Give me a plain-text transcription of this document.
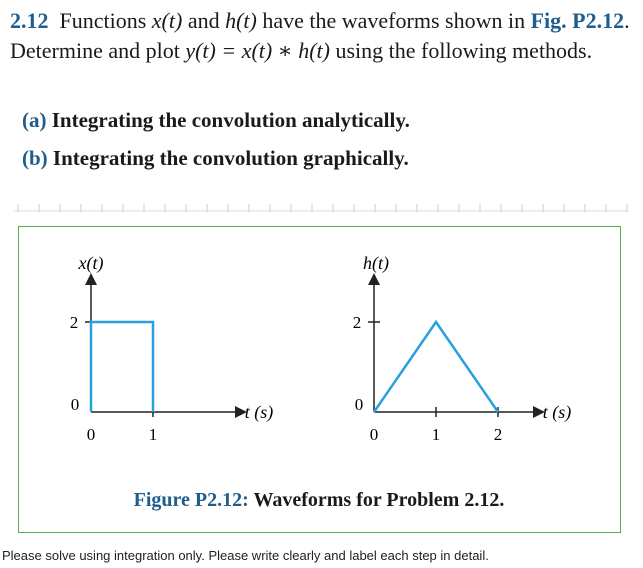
2.12 Functions x(t) and h(t) have the waveforms shown in Fig. P2.12. Determine and plot y(t) = x(t) ∗ h(t) using the following methods.
(a) Integrating the convolution analytically.
(b) Integrating the convolution graphically.
x(t)
t (s)
2
0
0	1
h(t)
t (s)
2
0
0	1	2
Figure P2.12: Waveforms for Problem 2.12.
Please solve using integration only. Please write clearly and label each step in detail.
